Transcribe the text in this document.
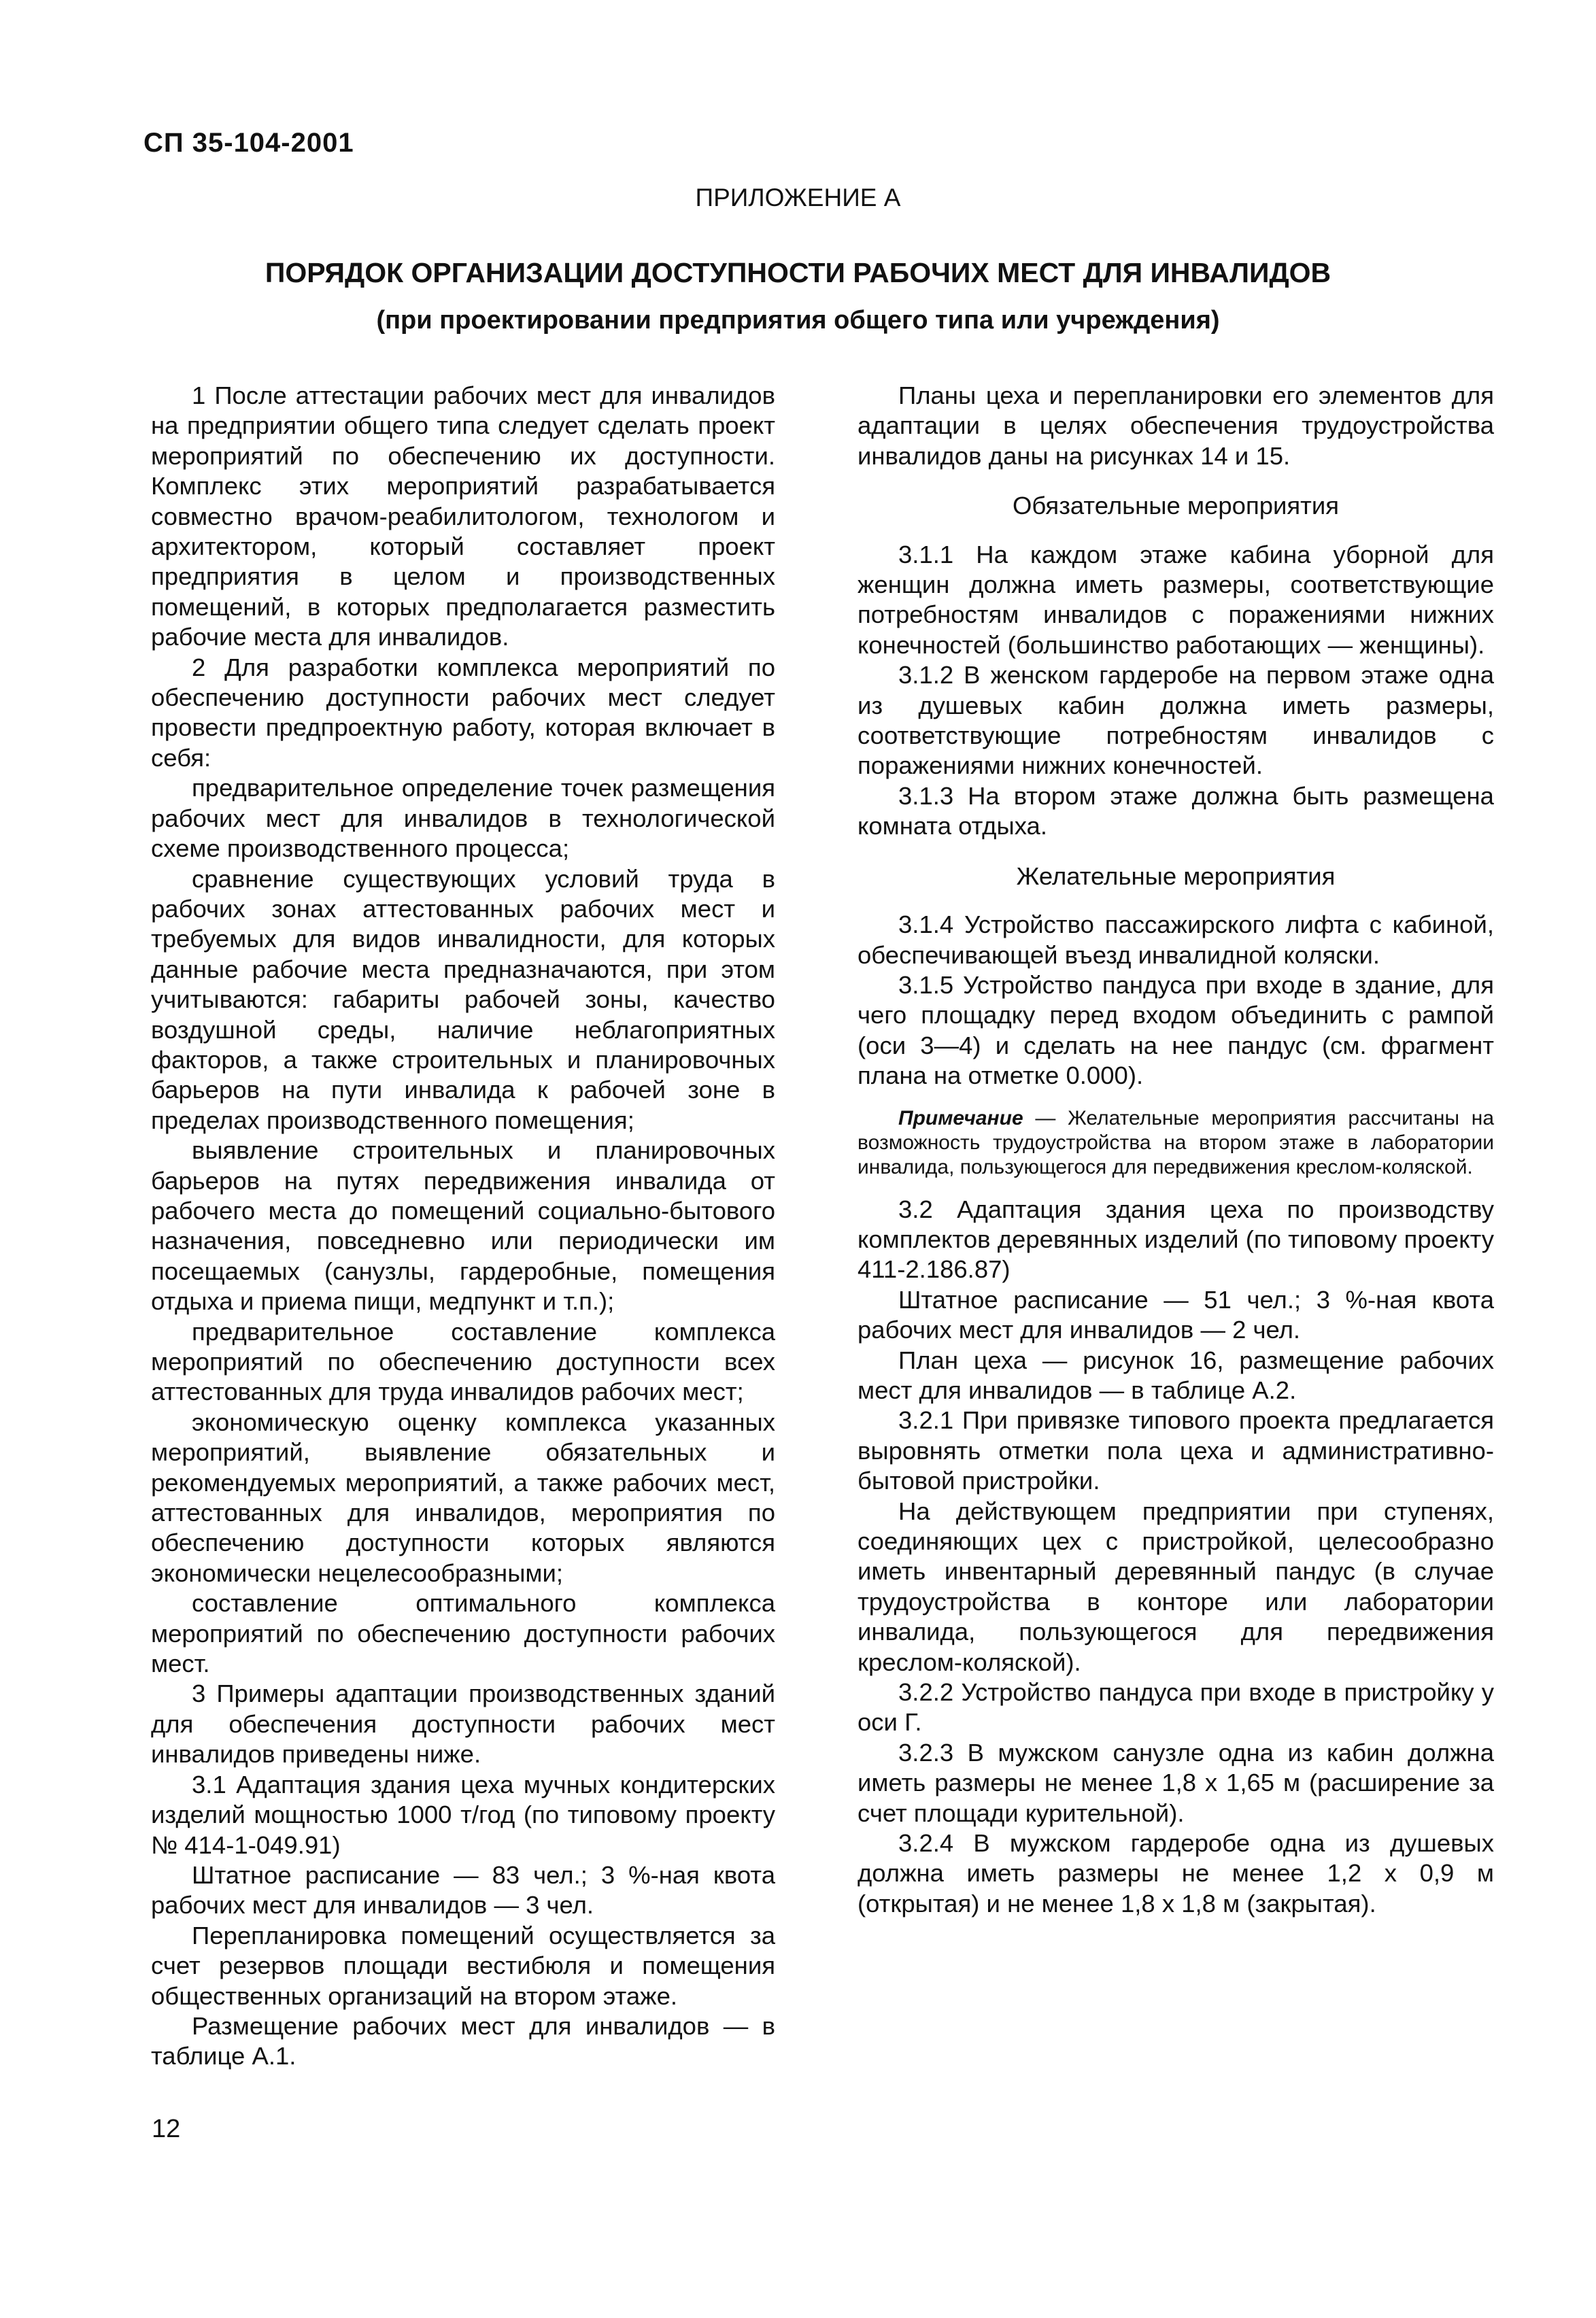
СП 35-104-2001
ПРИЛОЖЕНИЕ А
ПОРЯДОК ОРГАНИЗАЦИИ ДОСТУПНОСТИ РАБОЧИХ МЕСТ ДЛЯ ИНВАЛИДОВ
(при проектировании предприятия общего типа или учреждения)

1 После аттестации рабочих мест для инвалидов на предприятии общего типа следует сделать проект мероприятий по обеспечению их доступности. Комплекс этих мероприятий разрабатывается совместно врачом-реабилитологом, технологом и архитектором, который составляет проект предприятия в целом и производственных помещений, в которых предполагается разместить рабочие места для инвалидов.

2 Для разработки комплекса мероприятий по обеспечению доступности рабочих мест следует провести предпроектную работу, которая включает в себя:

предварительное определение точек размещения рабочих мест для инвалидов в технологической схеме производственного процесса;

сравнение существующих условий труда в рабочих зонах аттестованных рабочих мест и требуемых для видов инвалидности, для которых данные рабочие места предназначаются, при этом учитываются: габариты рабочей зоны, качество воздушной среды, наличие неблагоприятных факторов, а также строительных и планировочных барьеров на пути инвалида к рабочей зоне в пределах производственного помещения;

выявление строительных и планировочных барьеров на путях передвижения инвалида от рабочего места до помещений социально-бытового назначения, повседневно или периодически им посещаемых (санузлы, гардеробные, помещения отдыха и приема пищи, медпункт и т.п.);

предварительное составление комплекса мероприятий по обеспечению доступности всех аттестованных для труда инвалидов рабочих мест;

экономическую оценку комплекса указанных мероприятий, выявление обязательных и рекомендуемых мероприятий, а также рабочих мест, аттестованных для инвалидов, мероприятия по обеспечению доступности которых являются экономически нецелесообразными;

составление оптимального комплекса мероприятий по обеспечению доступности рабочих мест.

3 Примеры адаптации производственных зданий для обеспечения доступности рабочих мест инвалидов приведены ниже.

3.1 Адаптация здания цеха мучных кондитерских изделий мощностью 1000 т/год (по типовому проекту № 414-1-049.91)

Штатное расписание — 83 чел.; 3 %-ная квота рабочих мест для инвалидов — 3 чел.

Перепланировка помещений осуществляется за счет резервов площади вестибюля и помещения общественных организаций на втором этаже.

Размещение рабочих мест для инвалидов — в таблице А.1.

Планы цеха и перепланировки его элементов для адаптации в целях обеспечения трудоустройства инвалидов даны на рисунках 14 и 15.

Обязательные мероприятия

3.1.1 На каждом этаже кабина уборной для женщин должна иметь размеры, соответствующие потребностям инвалидов с поражениями нижних конечностей (большинство работающих — женщины).

3.1.2 В женском гардеробе на первом этаже одна из душевых кабин должна иметь размеры, соответствующие потребностям инвалидов с поражениями нижних конечностей.

3.1.3 На втором этаже должна быть размещена комната отдыха.

Желательные мероприятия

3.1.4 Устройство пассажирского лифта с кабиной, обеспечивающей въезд инвалидной коляски.

3.1.5 Устройство пандуса при входе в здание, для чего площадку перед входом объединить с рампой (оси 3—4) и сделать на нее пандус (см. фрагмент плана на отметке 0.000).

Примечание — Желательные мероприятия рассчитаны на возможность трудоустройства на втором этаже в лаборатории инвалида, пользующегося для передвижения креслом-коляской.

3.2 Адаптация здания цеха по производству комплектов деревянных изделий (по типовому проекту 411-2.186.87)

Штатное расписание — 51 чел.; 3 %-ная квота рабочих мест для инвалидов — 2 чел.

План цеха — рисунок 16, размещение рабочих мест для инвалидов — в таблице А.2.

3.2.1 При привязке типового проекта предлагается выровнять отметки пола цеха и административно-бытовой пристройки.

На действующем предприятии при ступенях, соединяющих цех с пристройкой, целесообразно иметь инвентарный деревянный пандус (в случае трудоустройства в конторе или лаборатории инвалида, пользующегося для передвижения креслом-коляской).

3.2.2 Устройство пандуса при входе в пристройку у оси Г.

3.2.3 В мужском санузле одна из кабин должна иметь размеры не менее 1,8 х 1,65 м (расширение за счет площади курительной).

3.2.4 В мужском гардеробе одна из душевых должна иметь размеры не менее 1,2 х 0,9 м (открытая) и не менее 1,8 х 1,8 м (закрытая).

12
